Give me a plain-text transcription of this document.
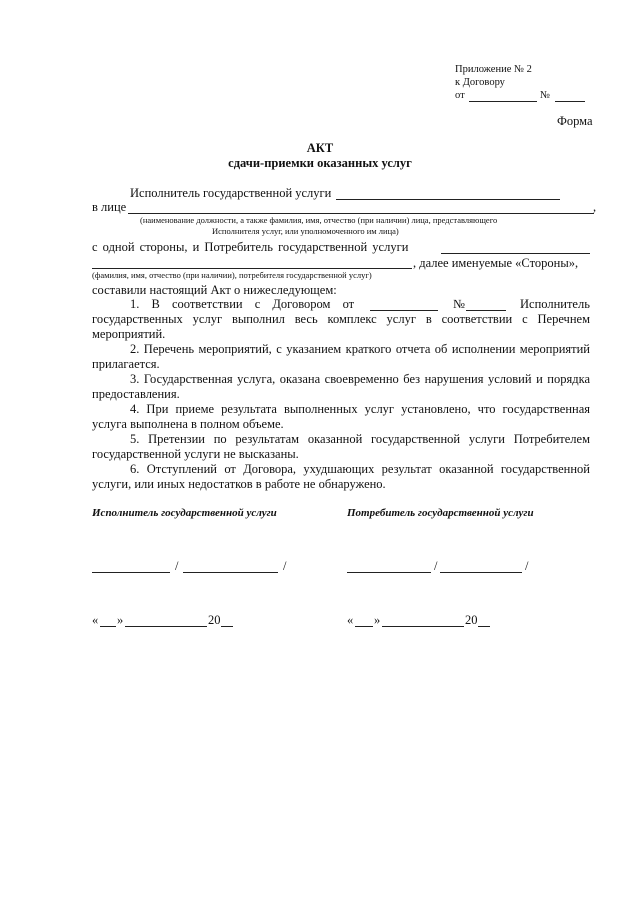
Приложение № 2
к Договору
от	№
Форма
АКТ
сдачи-приемки оказанных услуг
Исполнитель государственной услуги
в лице	,
(наименование должности, а также фамилия, имя, отчество (при наличии) лица, представляющего
Исполнителя услуг, или уполномоченного им лица)
с одной стороны, и Потребитель государственной услуги
, далее именуемые «Стороны»,
(фамилия, имя, отчество (при наличии), потребителя государственной услуг)
составили настоящий Акт о нижеследующем:
1. В соответствии с Договором от	№	Исполнитель
государственных услуг выполнил весь комплекс услуг в соответствии с Перечнем мероприятий.
2. Перечень мероприятий, с указанием краткого отчета об исполнении мероприятий прилагается.
3. Государственная услуга, оказана своевременно без нарушения условий и порядка предоставления.
4. При приеме результата выполненных услуг установлено, что государственная услуга выполнена в полном объеме.
5. Претензии по результатам оказанной государственной услуги Потребителем государственной услуги не высказаны.
6. Отступлений от Договора, ухудшающих результат оказанной государственной услуги, или иных недостатков в работе не обнаружено.
Исполнитель государственной услуги	Потребитель государственной услуги
/	/	/	/
« »	20	« »	20
